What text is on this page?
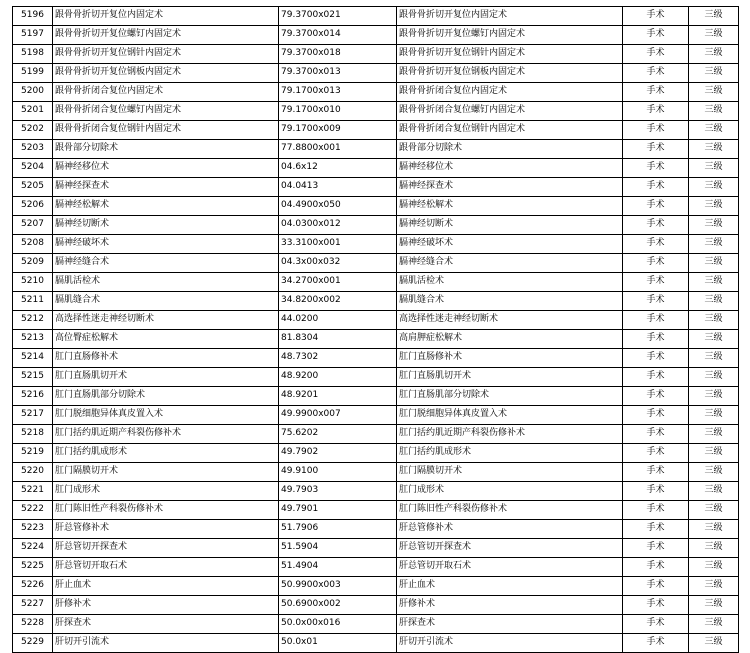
5196	跟骨骨折切开复位内固定术	79.3700x021	跟骨骨折切开复位内固定术	手术	三级
5197	跟骨骨折切开复位螺钉内固定术	79.3700x014	跟骨骨折切开复位螺钉内固定术	手术	三级
5198	跟骨骨折切开复位钢针内固定术	79.3700x018	跟骨骨折切开复位钢针内固定术	手术	三级
5199	跟骨骨折切开复位钢板内固定术	79.3700x013	跟骨骨折切开复位钢板内固定术	手术	三级
5200	跟骨骨折闭合复位内固定术	79.1700x013	跟骨骨折闭合复位内固定术	手术	三级
5201	跟骨骨折闭合复位螺钉内固定术	79.1700x010	跟骨骨折闭合复位螺钉内固定术	手术	三级
5202	跟骨骨折闭合复位钢针内固定术	79.1700x009	跟骨骨折闭合复位钢针内固定术	手术	三级
5203	跟骨部分切除术	77.8800x001	跟骨部分切除术	手术	三级
5204	膈神经移位术	04.6x12	膈神经移位术	手术	三级
5205	膈神经探查术	04.0413	膈神经探查术	手术	三级
5206	膈神经松解术	04.4900x050	膈神经松解术	手术	三级
5207	膈神经切断术	04.0300x012	膈神经切断术	手术	三级
5208	膈神经破坏术	33.3100x001	膈神经破坏术	手术	三级
5209	膈神经缝合术	04.3x00x032	膈神经缝合术	手术	三级
5210	膈肌活检术	34.2700x001	膈肌活检术	手术	三级
5211	膈肌缝合术	34.8200x002	膈肌缝合术	手术	三级
5212	高选择性迷走神经切断术	44.0200	高选择性迷走神经切断术	手术	三级
5213	高位臀症松解术	81.8304	高肩胛症松解术	手术	三级
5214	肛门直肠修补术	48.7302	肛门直肠修补术	手术	三级
5215	肛门直肠肌切开术	48.9200	肛门直肠肌切开术	手术	三级
5216	肛门直肠肌部分切除术	48.9201	肛门直肠肌部分切除术	手术	三级
5217	肛门脱细胞异体真皮置入术	49.9900x007	肛门脱细胞异体真皮置入术	手术	三级
5218	肛门括约肌近期产科裂伤修补术	75.6202	肛门括约肌近期产科裂伤修补术	手术	三级
5219	肛门括约肌成形术	49.7902	肛门括约肌成形术	手术	三级
5220	肛门隔膜切开术	49.9100	肛门隔膜切开术	手术	三级
5221	肛门成形术	49.7903	肛门成形术	手术	三级
5222	肛门陈旧性产科裂伤修补术	49.7901	肛门陈旧性产科裂伤修补术	手术	三级
5223	肝总管修补术	51.7906	肝总管修补术	手术	三级
5224	肝总管切开探查术	51.5904	肝总管切开探查术	手术	三级
5225	肝总管切开取石术	51.4904	肝总管切开取石术	手术	三级
5226	肝止血术	50.9900x003	肝止血术	手术	三级
5227	肝修补术	50.6900x002	肝修补术	手术	三级
5228	肝探查术	50.0x00x016	肝探查术	手术	三级
5229	肝切开引流术	50.0x01	肝切开引流术	手术	三级
